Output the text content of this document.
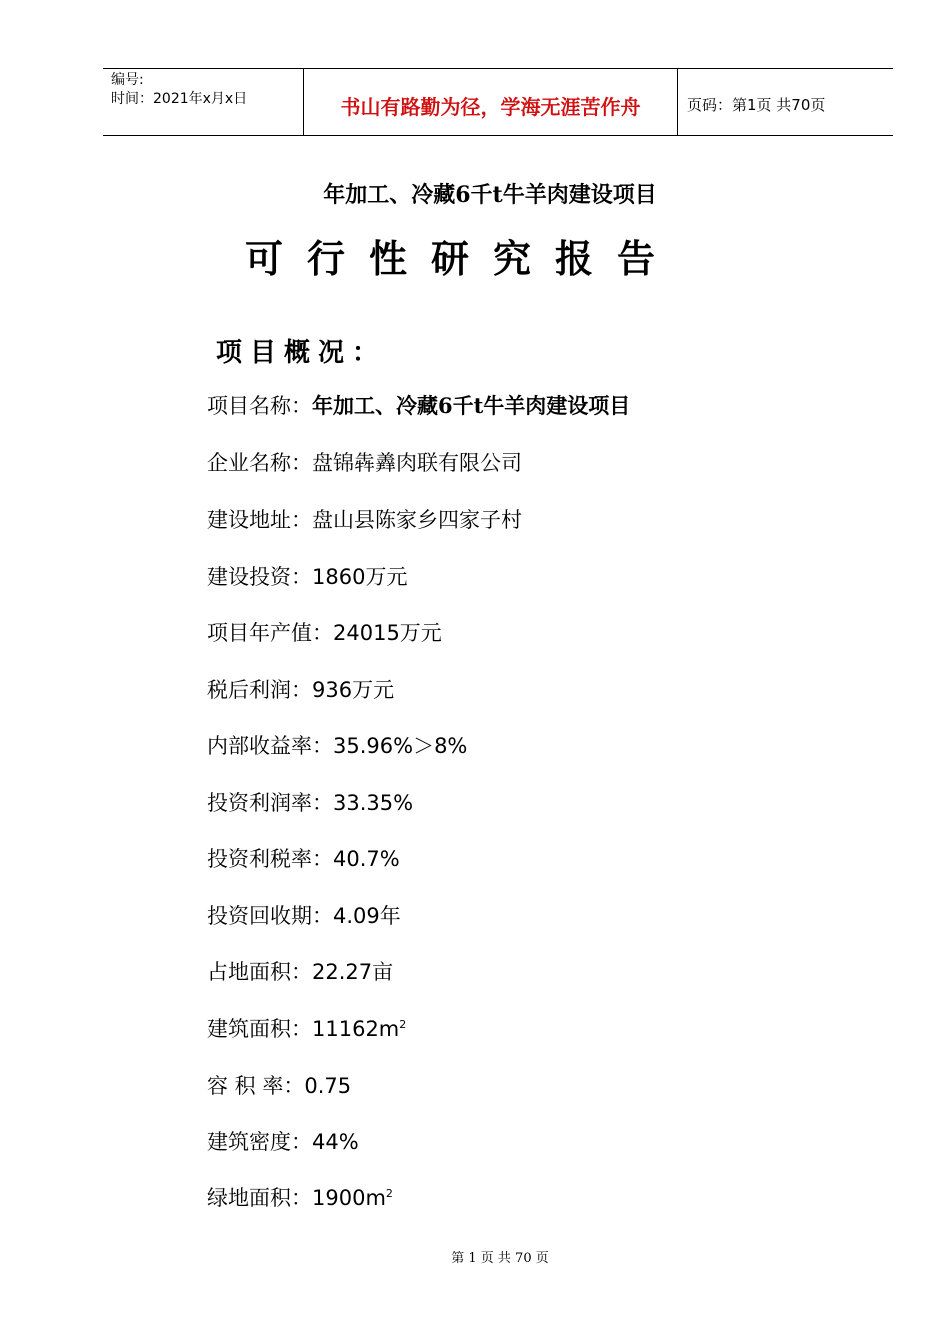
编号:
时间：2021年x月x日	书山有路勤为径，学海无涯苦作舟	页码：第1页 共70页
年加工、冷藏6千t牛羊肉建设项目
可行性研究报告
项目概况：
项目名称：年加工、冷藏6千t牛羊肉建设项目
企业名称：盘锦犇羴肉联有限公司
建设地址：盘山县陈家乡四家子村
建设投资：1860万元
项目年产值：24015万元
税后利润：936万元
内部收益率：35.96%＞8%
投资利润率：33.35%
投资利税率：40.7%
投资回收期：4.09年
占地面积：22.27亩
建筑面积：$11162m^2$
容 积 率：0.75
建筑密度：44%
绿地面积：$1900m^2$
第 1 页 共 70 页
